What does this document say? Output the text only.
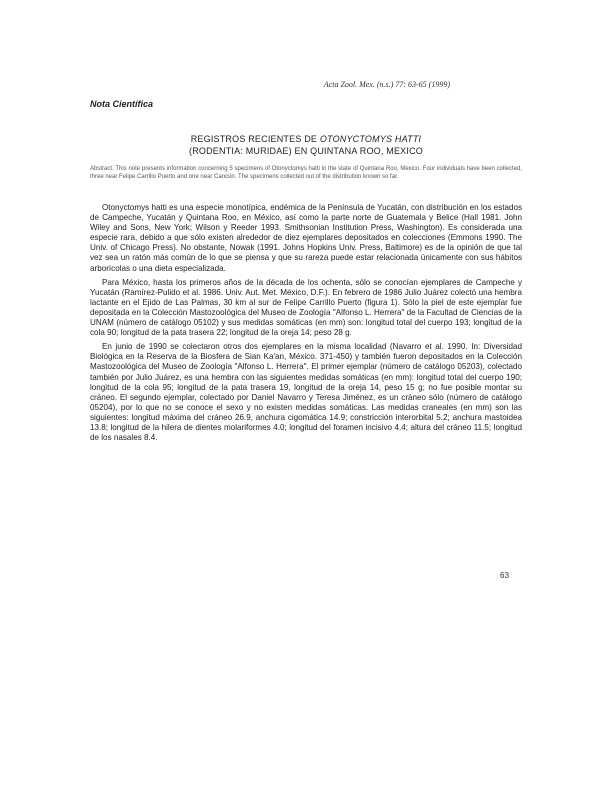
Acta Zool. Mex. (n.s.) 77: 63-65 (1999)
Nota Científica
REGISTROS RECIENTES DE OTONYCTOMYS HATTI
(RODENTIA: MURIDAE) EN QUINTANA ROO, MEXICO
Abstract. This note presents information concerning 5 specimens of Otonyctomys hatti in the state of Quintana Roo, Mexico. Four individuals have been collected, three near Felipe Carrillo Puerto and one near Cancún. The specimens collected out of the distribution known so far.

Otonyctomys hatti es una especie monotípica, endémica de la Península de Yucatán, con distribución en los estados de Campeche, Yucatán y Quintana Roo, en México, así como la parte norte de Guatemala y Belice (Hall 1981. John Wiley and Sons, New York; Wilson y Reeder 1993. Smithsonian Institution Press, Washington). Es considerada una especie rara, debido a que sólo existen alrededor de diez ejemplares depositados en colecciones (Emmons 1990. The Univ. of Chicago Press). No obstante, Nowak (1991. Johns Hopkins Univ. Press, Baltimore) es de la opinión de que tal vez sea un ratón más común de lo que se piensa y que su rareza puede estar relacionada únicamente con sus hábitos arborícolas o una dieta especializada.

Para México, hasta los primeros años de la década de los ochenta, sólo se conocían ejemplares de Campeche y Yucatán (Ramírez-Pulido et al. 1986. Univ. Aut. Met. México, D.F.). En febrero de 1986 Julio Juárez colectó una hembra lactante en el Ejido de Las Palmas, 30 km al sur de Felipe Carrillo Puerto (figura 1). Sólo la piel de este ejemplar fue depositada en la Colección Mastozoológica del Museo de Zoología "Alfonso L. Herrera" de la Facultad de Ciencias de la UNAM (número de catálogo 05102) y sus medidas somáticas (en mm) son: longitud total del cuerpo 193; longitud de la cola 90; longitud de la pata trasera 22; longitud de la oreja 14; peso 28 g.

En junio de 1990 se colectaron otros dos ejemplares en la misma localidad (Navarro et al. 1990. In: Diversidad Biológica en la Reserva de la Biosfera de Sian Ka'an, México. 371-450) y también fueron depositados en la Colección Mastozoológica del Museo de Zoología "Alfonso L. Herrera". El primer ejemplar (número de catálogo 05203), colectado también por Julio Juárez, es una hembra con las siguientes medidas somáticas (en mm): longitud total del cuerpo 190; longitud de la cola 95; longitud de la pata trasera 19, longitud de la oreja 14, peso 15 g; no fue posible montar su cráneo. El segundo ejemplar, colectado por Daniel Navarro y Teresa Jiménez, es un cráneo sólo (número de catálogo 05204), por lo que no se conoce el sexo y no existen medidas somáticas. Las medidas craneales (en mm) son las siguientes: longitud máxima del cráneo 26.9, anchura cigomática 14.9; constricción interorbital 5.2; anchura mastoidea 13.8; longitud de la hilera de dientes molariformes 4.0; longitud del foramen incisivo 4.4; altura del cráneo 11.5; longitud de los nasales 8.4.

63
